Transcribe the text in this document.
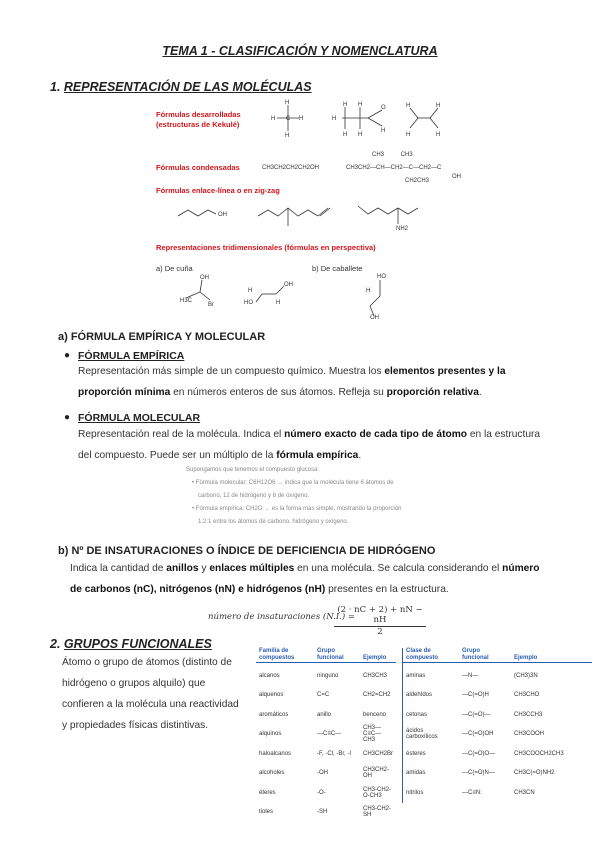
TEMA 1 - CLASIFICACIÓN Y NOMENCLATURA
1. REPRESENTACIÓN DE LAS MOLÉCULAS
Fórmulas desarrolladas
(estructuras de Kekulé)
H
H
H	H
C	H
H H
H H
O
H
H
H
H
H
Fórmulas condensadas	CH3CH2CH2CH2OH
CH3          CH3
CH3CH2—CH—CH2—C—CH2—C
CH2CH3
OH
Fórmulas enlace-línea o en zig-zag
OH
NH2
Representaciones tridimensionales (fórmulas en perspectiva)
a) De cuña	b) De caballete
OH
H3C
Br
H
HO
OH
H
HO
H
OH
a) FÓRMULA EMPÍRICA Y MOLECULAR
● FÓRMULA EMPÍRICA
Representación más simple de un compuesto químico. Muestra los elementos presentes y la
proporción mínima en números enteros de sus átomos. Refleja su proporción relativa.
● FÓRMULA MOLECULAR
Representación real de la molécula. Indica el número exacto de cada tipo de átomo en la estructura
del compuesto. Puede ser un múltiplo de la fórmula empírica.
Supongamos que tenemos el compuesto glucosa:
• Fórmula molecular: C6H12O6 → indica que la molécula tiene 6 átomos de
carbono, 12 de hidrógeno y 6 de oxígeno.
• Fórmula empírica: CH2O → es la forma más simple, mostrando la proporción
1:2:1 entre los átomos de carbono, hidrógeno y oxígeno.
b) Nº DE INSATURACIONES O ÍNDICE DE DEFICIENCIA DE HIDRÓGENO
Indica la cantidad de anillos y enlaces múltiples en una molécula. Se calcula considerando el número
de carbonos (nC), nitrógenos (nN) e hidrógenos (nH) presentes en la estructura.
número de insaturaciones (N.I.) =
$\frac{(2 \cdot nC + 2) + nN - nH}{2}$
2. GRUPOS FUNCIONALES
Átomo o grupo de átomos (distinto de
hidrógeno o grupos alquilo) que
confieren a la molécula una reactividad
y propiedades físicas distintivas.
Familia de compuestos	Grupo funcional	Ejemplo

alcanos	ninguno	CH3CH3
alquenos	C=C	CH2=CH2
aromáticos	anillo	benceno
alquinos	—C≡C—	CH3—C≡C—CH3
haloalcanos	-F, -Cl, -Br, -I	CH3CH2Br
alcoholes	-OH	CH3CH2-OH
éteres	-O-	CH3-CH2-O-CH3
tioles	-SH	CH3-CH2-SH
Clase de compuesto	Grupo funcional	Ejemplo

aminas	—N—	(CH3)3N
aldehídos	—C(=O)H	CH3CHO
cetonas	—C(=O)—	CH3CCH3
ácidos carboxílicos	—C(=O)OH	CH3COOH
ésteres	—C(=O)O—	CH3COOCH2CH3
amidas	—C(=O)N—	CH3C(=O)NH2
nitrilos	—C≡N:	CH3CN
